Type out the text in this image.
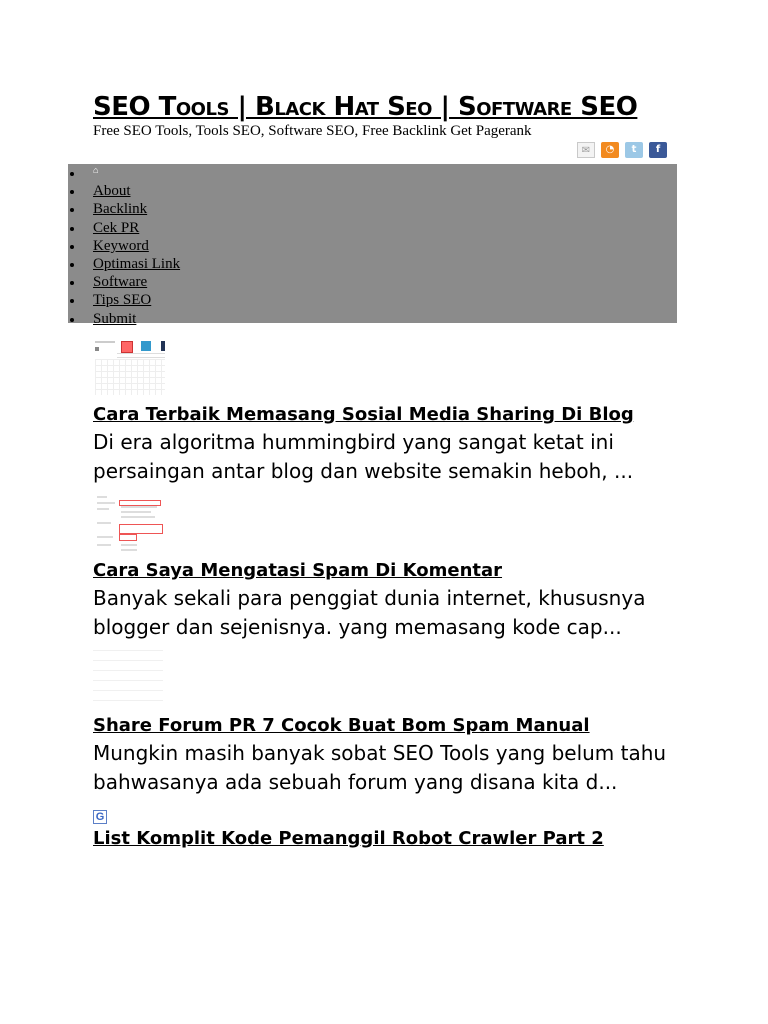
SEO Tools | Black Hat Seo | Software SEO
Free SEO Tools, Tools SEO, Software SEO, Free Backlink Get Pagerank
✉	◔	t	f
⌂
About
Backlink
Cek PR
Keyword
Optimasi Link
Software
Tips SEO
Submit
Cara Terbaik Memasang Sosial Media Sharing Di Blog

Di era algoritma hummingbird yang sangat ketat ini persaingan antar blog dan website semakin heboh, ...

Cara Saya Mengatasi Spam Di Komentar

Banyak sekali para penggiat dunia internet, khususnya blogger dan sejenisnya. yang memasang kode cap...

Share Forum PR 7 Cocok Buat Bom Spam Manual

Mungkin masih banyak sobat SEO Tools yang belum tahu bahwasanya ada sebuah forum yang disana kita d...

G
List Komplit Kode Pemanggil Robot Crawler Part 2
